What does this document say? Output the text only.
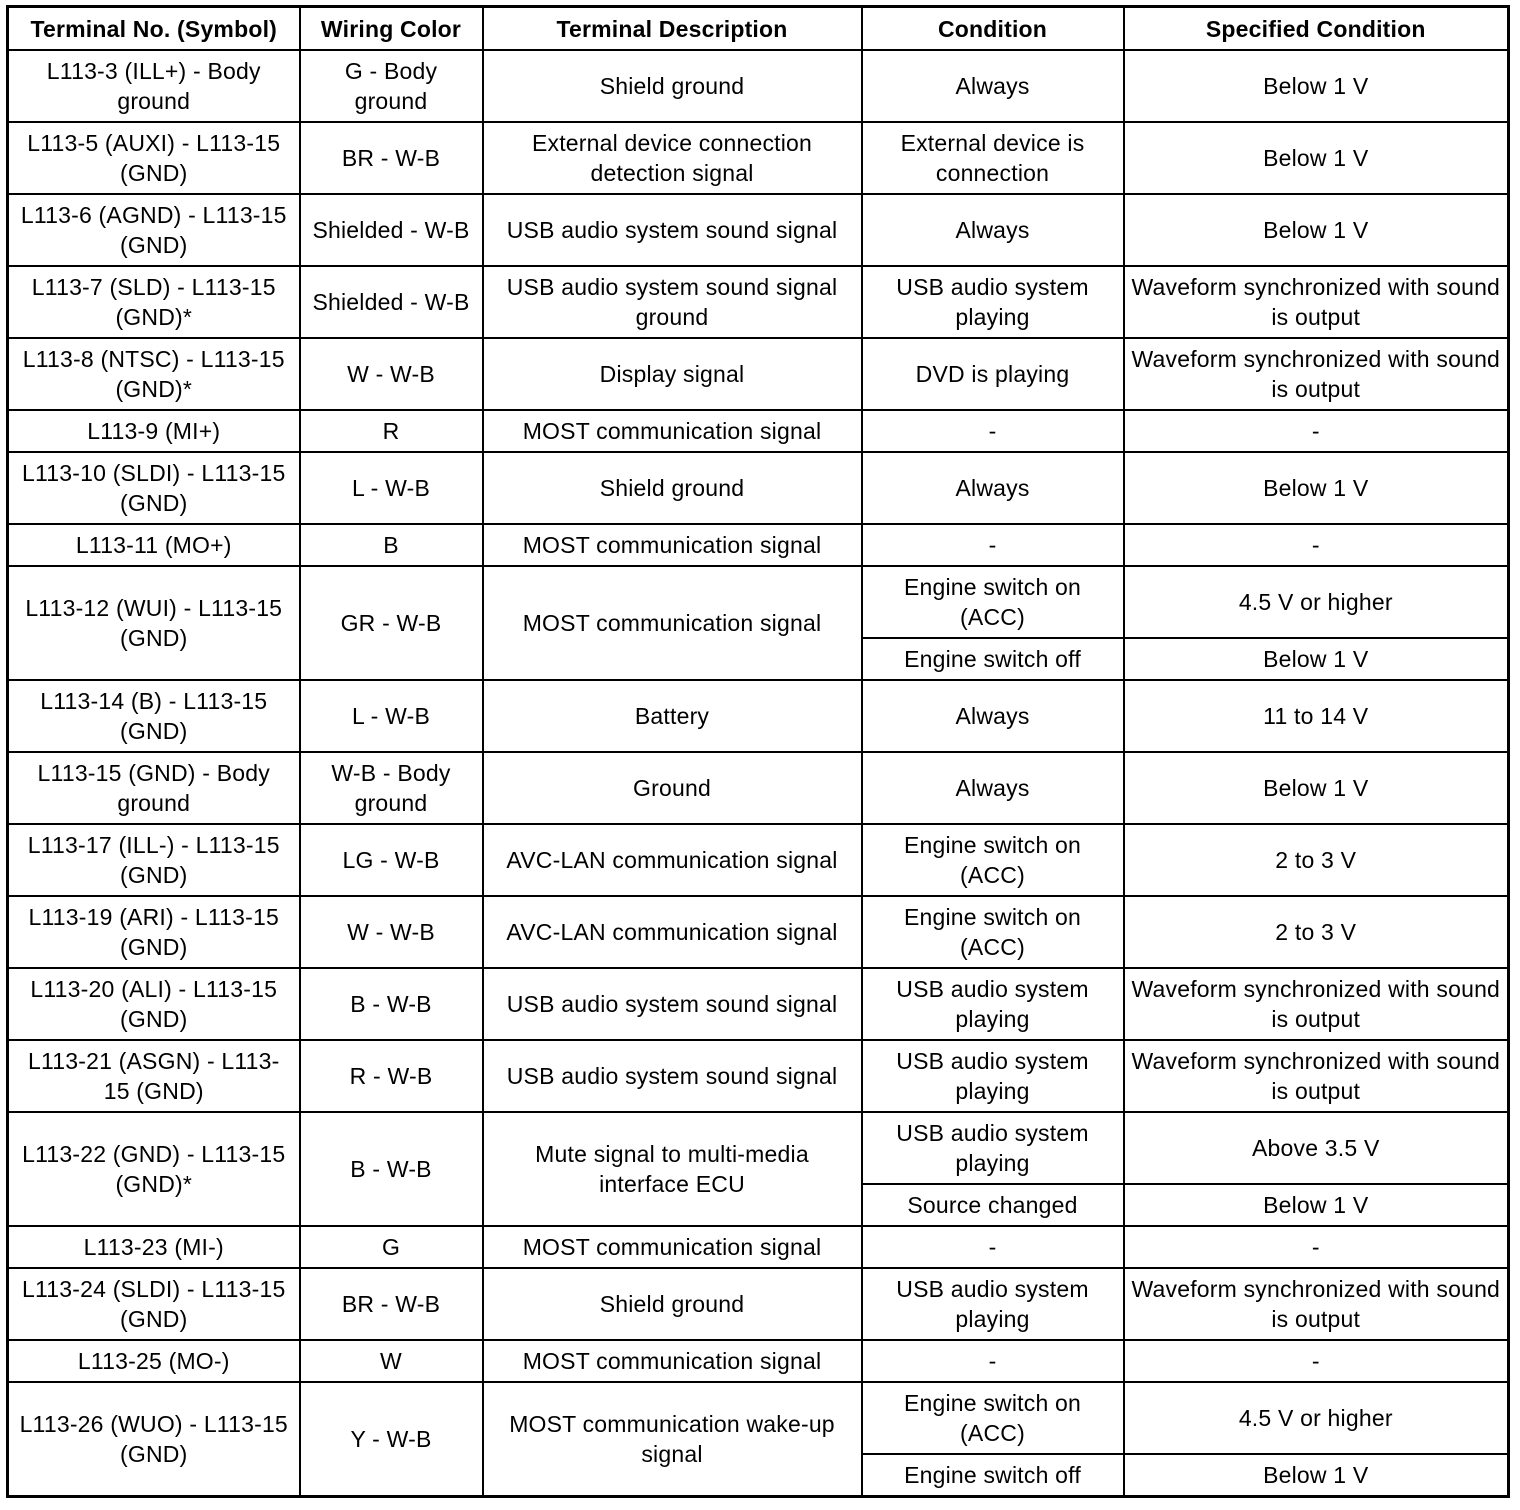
Terminal No. (Symbol)	Wiring Color	Terminal Description	Condition	Specified Condition
L113-3 (ILL+) - Body ground	G - Body ground	Shield ground	Always	Below 1 V
L113-5 (AUXI) - L113-15 (GND)	BR - W-B	External device connection detection signal	External device is connection	Below 1 V
L113-6 (AGND) - L113-15 (GND)	Shielded - W-B	USB audio system sound signal	Always	Below 1 V
L113-7 (SLD) - L113-15 (GND)*	Shielded - W-B	USB audio system sound signal ground	USB audio system playing	Waveform synchronized with sound is output
L113-8 (NTSC) - L113-15 (GND)*	W - W-B	Display signal	DVD is playing	Waveform synchronized with sound is output
L113-9 (MI+)	R	MOST communication signal	-	-
L113-10 (SLDI) - L113-15 (GND)	L - W-B	Shield ground	Always	Below 1 V
L113-11 (MO+)	B	MOST communication signal	-	-
L113-12 (WUI) - L113-15 (GND)	GR - W-B	MOST communication signal	Engine switch on (ACC)	4.5 V or higher
			Engine switch off	Below 1 V
L113-14 (B) - L113-15 (GND)	L - W-B	Battery	Always	11 to 14 V
L113-15 (GND) - Body ground	W-B - Body ground	Ground	Always	Below 1 V
L113-17 (ILL-) - L113-15 (GND)	LG - W-B	AVC-LAN communication signal	Engine switch on (ACC)	2 to 3 V
L113-19 (ARI) - L113-15 (GND)	W - W-B	AVC-LAN communication signal	Engine switch on (ACC)	2 to 3 V
L113-20 (ALI) - L113-15 (GND)	B - W-B	USB audio system sound signal	USB audio system playing	Waveform synchronized with sound is output
L113-21 (ASGN) - L113-15 (GND)	R - W-B	USB audio system sound signal	USB audio system playing	Waveform synchronized with sound is output
L113-22 (GND) - L113-15 (GND)*	B - W-B	Mute signal to multi-media interface ECU	USB audio system playing	Above 3.5 V
			Source changed	Below 1 V
L113-23 (MI-)	G	MOST communication signal	-	-
L113-24 (SLDI) - L113-15 (GND)	BR - W-B	Shield ground	USB audio system playing	Waveform synchronized with sound is output
L113-25 (MO-)	W	MOST communication signal	-	-
L113-26 (WUO) - L113-15 (GND)	Y - W-B	MOST communication wake-up signal	Engine switch on (ACC)	4.5 V or higher
			Engine switch off	Below 1 V
